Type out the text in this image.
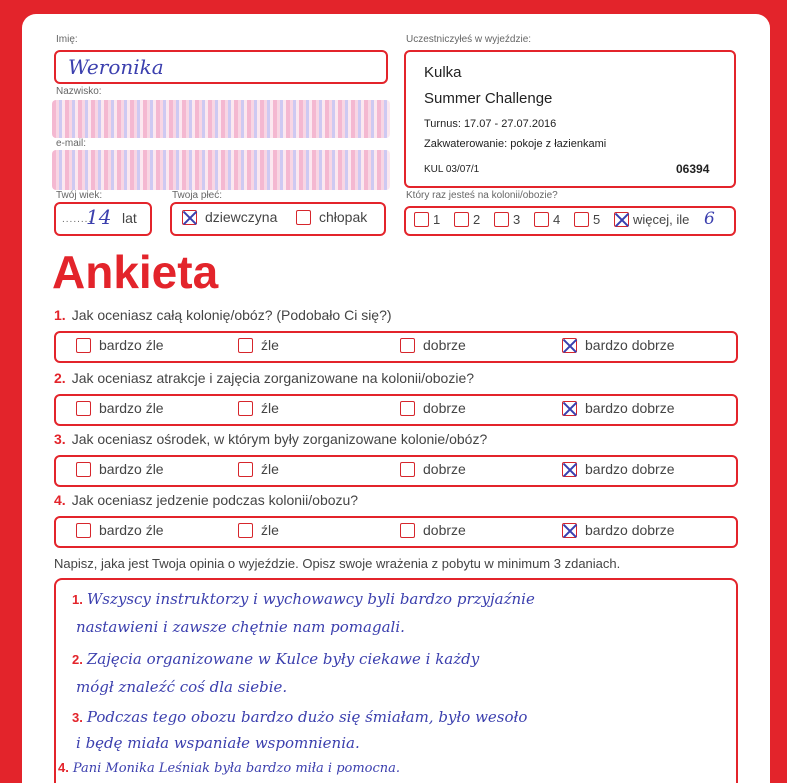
Imię:
Weronika
Nazwisko:
e-mail:
Twój wiek:
........
14 lat
Twoja płeć:
dziewczyna	chłopak
Uczestniczyłeś w wyjeździe:
Kulka
Summer Challenge
Turnus: 17.07 - 27.07.2016
Zakwaterowanie: pokoje z łazienkami
KUL 03/07/1	06394
Który raz jesteś na kolonii/obozie?
1	2	3	4	5	więcej, ile 6
Ankieta
1. Jak oceniasz całą kolonię/obóz? (Podobało Ci się?)
bardzo źle	źle	dobrze	bardzo dobrze
2. Jak oceniasz atrakcje i zajęcia zorganizowane na kolonii/obozie?
bardzo źle	źle	dobrze	bardzo dobrze
3. Jak oceniasz ośrodek, w którym były zorganizowane kolonie/obóz?
bardzo źle	źle	dobrze	bardzo dobrze
4. Jak oceniasz jedzenie podczas kolonii/obozu?
bardzo źle	źle	dobrze	bardzo dobrze
Napisz, jaka jest Twoja opinia o wyjeździe. Opisz swoje wrażenia z pobytu w minimum 3 zdaniach.
1. Wszyscy instruktorzy i wychowawcy byli bardzo przyjaźnie
nastawieni i zawsze chętnie nam pomagali.
2. Zajęcia organizowane w Kulce były ciekawe i każdy
mógł znaleźć coś dla siebie.
3. Podczas tego obozu bardzo dużo się śmiałam, było wesoło
i będę miała wspaniałe wspomnienia.
4. Pani Monika Leśniak była bardzo miła i pomocna.
